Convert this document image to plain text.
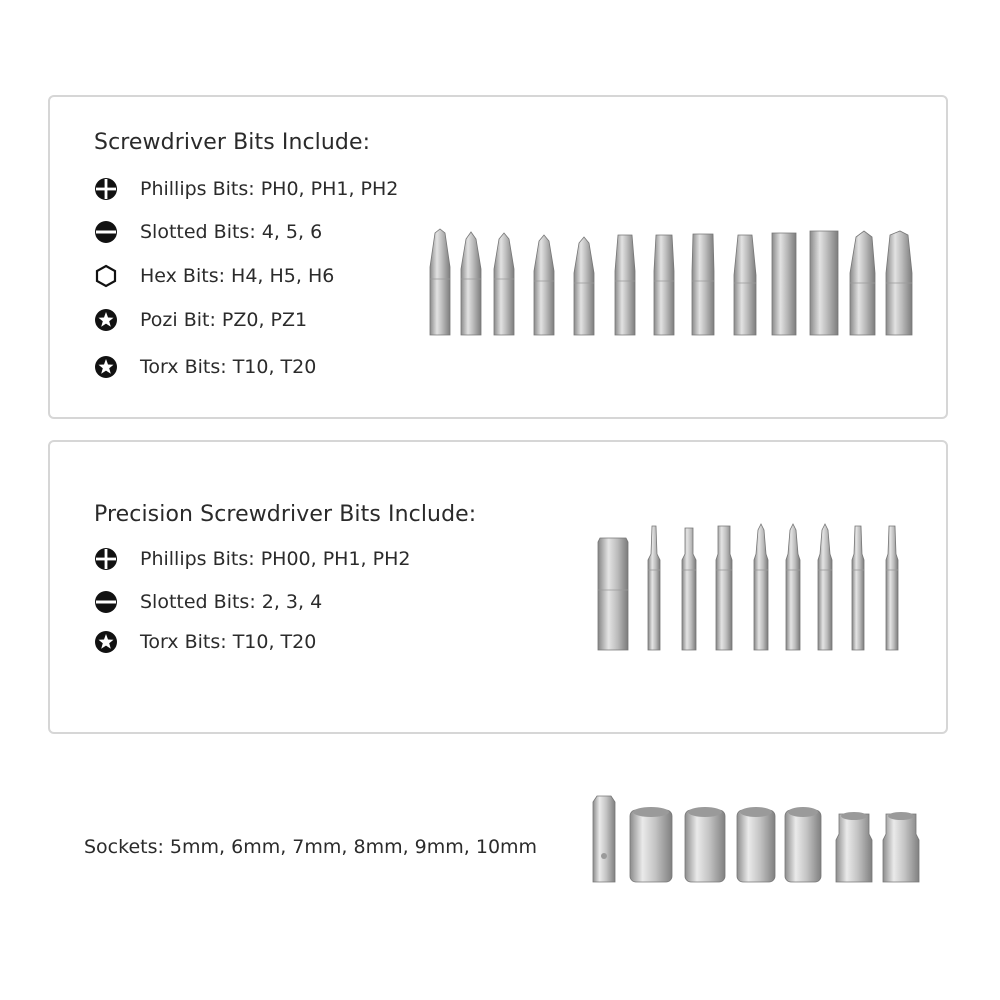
Screwdriver Bits Include:
Phillips Bits: PH0, PH1, PH2
Slotted Bits: 4, 5, 6
Hex Bits: H4, H5, H6
Pozi Bit: PZ0, PZ1
Torx Bits: T10, T20
Precision Screwdriver Bits Include:
Phillips Bits: PH00, PH1, PH2
Slotted Bits: 2, 3, 4
Torx Bits: T10, T20
Sockets: 5mm, 6mm, 7mm, 8mm, 9mm, 10mm
